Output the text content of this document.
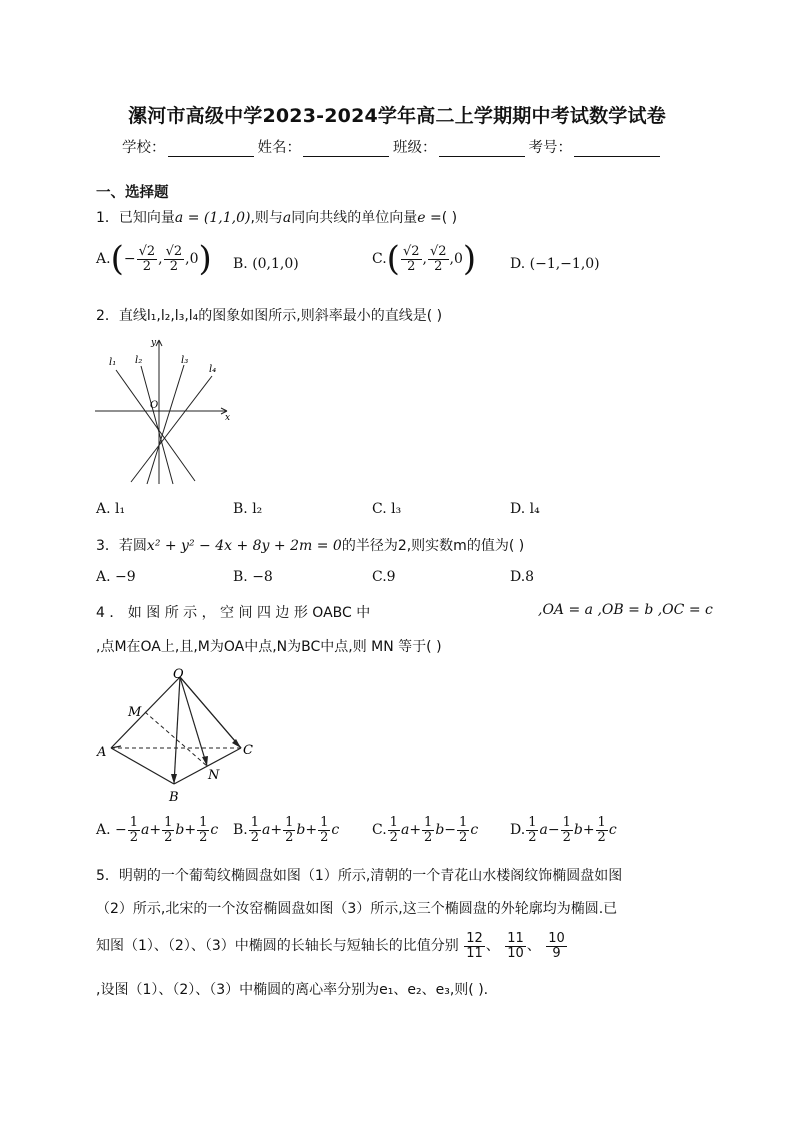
漯河市高级中学2023-2024学年高二上学期期中考试数学试卷
学校：	姓名：	班级：	考号：
一、选择题
1．已知向量a = (1,1,0),则与a同向共线的单位向量e =( )
$A.(- \frac{√2}{2}$ , $\frac{√2}{2} ,0$) B. (0,1,0)	$C.( \frac{√2}{2}$ , $\frac{√2}{2} ,0$) D. (−1,−1,0)
2．直线l₁,l₂,l₃,l₄的图象如图所示,则斜率最小的直线是( )
l₁ l₂	l₃
l₄
O
x
y
A. l₁	B. l₂	C. l₃	D. l₄
3．若圆x² + y² − 4x + 8y + 2m = 0的半径为2,则实数m的值为( )
A. −9	B. −8	C.9	D.8
4 ． 如 图 所 示 ， 空 间 四 边 形 OABC 中	,OA = a ,OB = b ,OC = c
,点M在OA上,且,M为OA中点,N为BC中点,则 MN 等于( )
O
M
A	C
N
B
A. − $\frac{1}{2} a+ \frac{1}{2} b+ \frac{1}{2}$ c B. $\frac{1}{2} a+ \frac{1}{2} b+ \frac{1}{2}$ c C. $\frac{1}{2} a+ \frac{1}{2} b- \frac{1}{2}$ c D. $\frac{1}{2} a- \frac{1}{2} b+ \frac{1}{2}$ c
5．明朝的一个葡萄纹椭圆盘如图（1）所示,清朝的一个青花山水楼阁纹饰椭圆盘如图
（2）所示,北宋的一个汝窑椭圆盘如图（3）所示,这三个椭圆盘的外轮廓均为椭圆.已
知图（1）、（2）、（3）中椭圆的长轴长与短轴长的比值分别 $\frac{12}{11}$ 、 $\frac{11}{10}$ 、 $\frac{10}{9}$
,设图（1）、（2）、（3）中椭圆的离心率分别为e₁、e₂、e₃,则( ).
